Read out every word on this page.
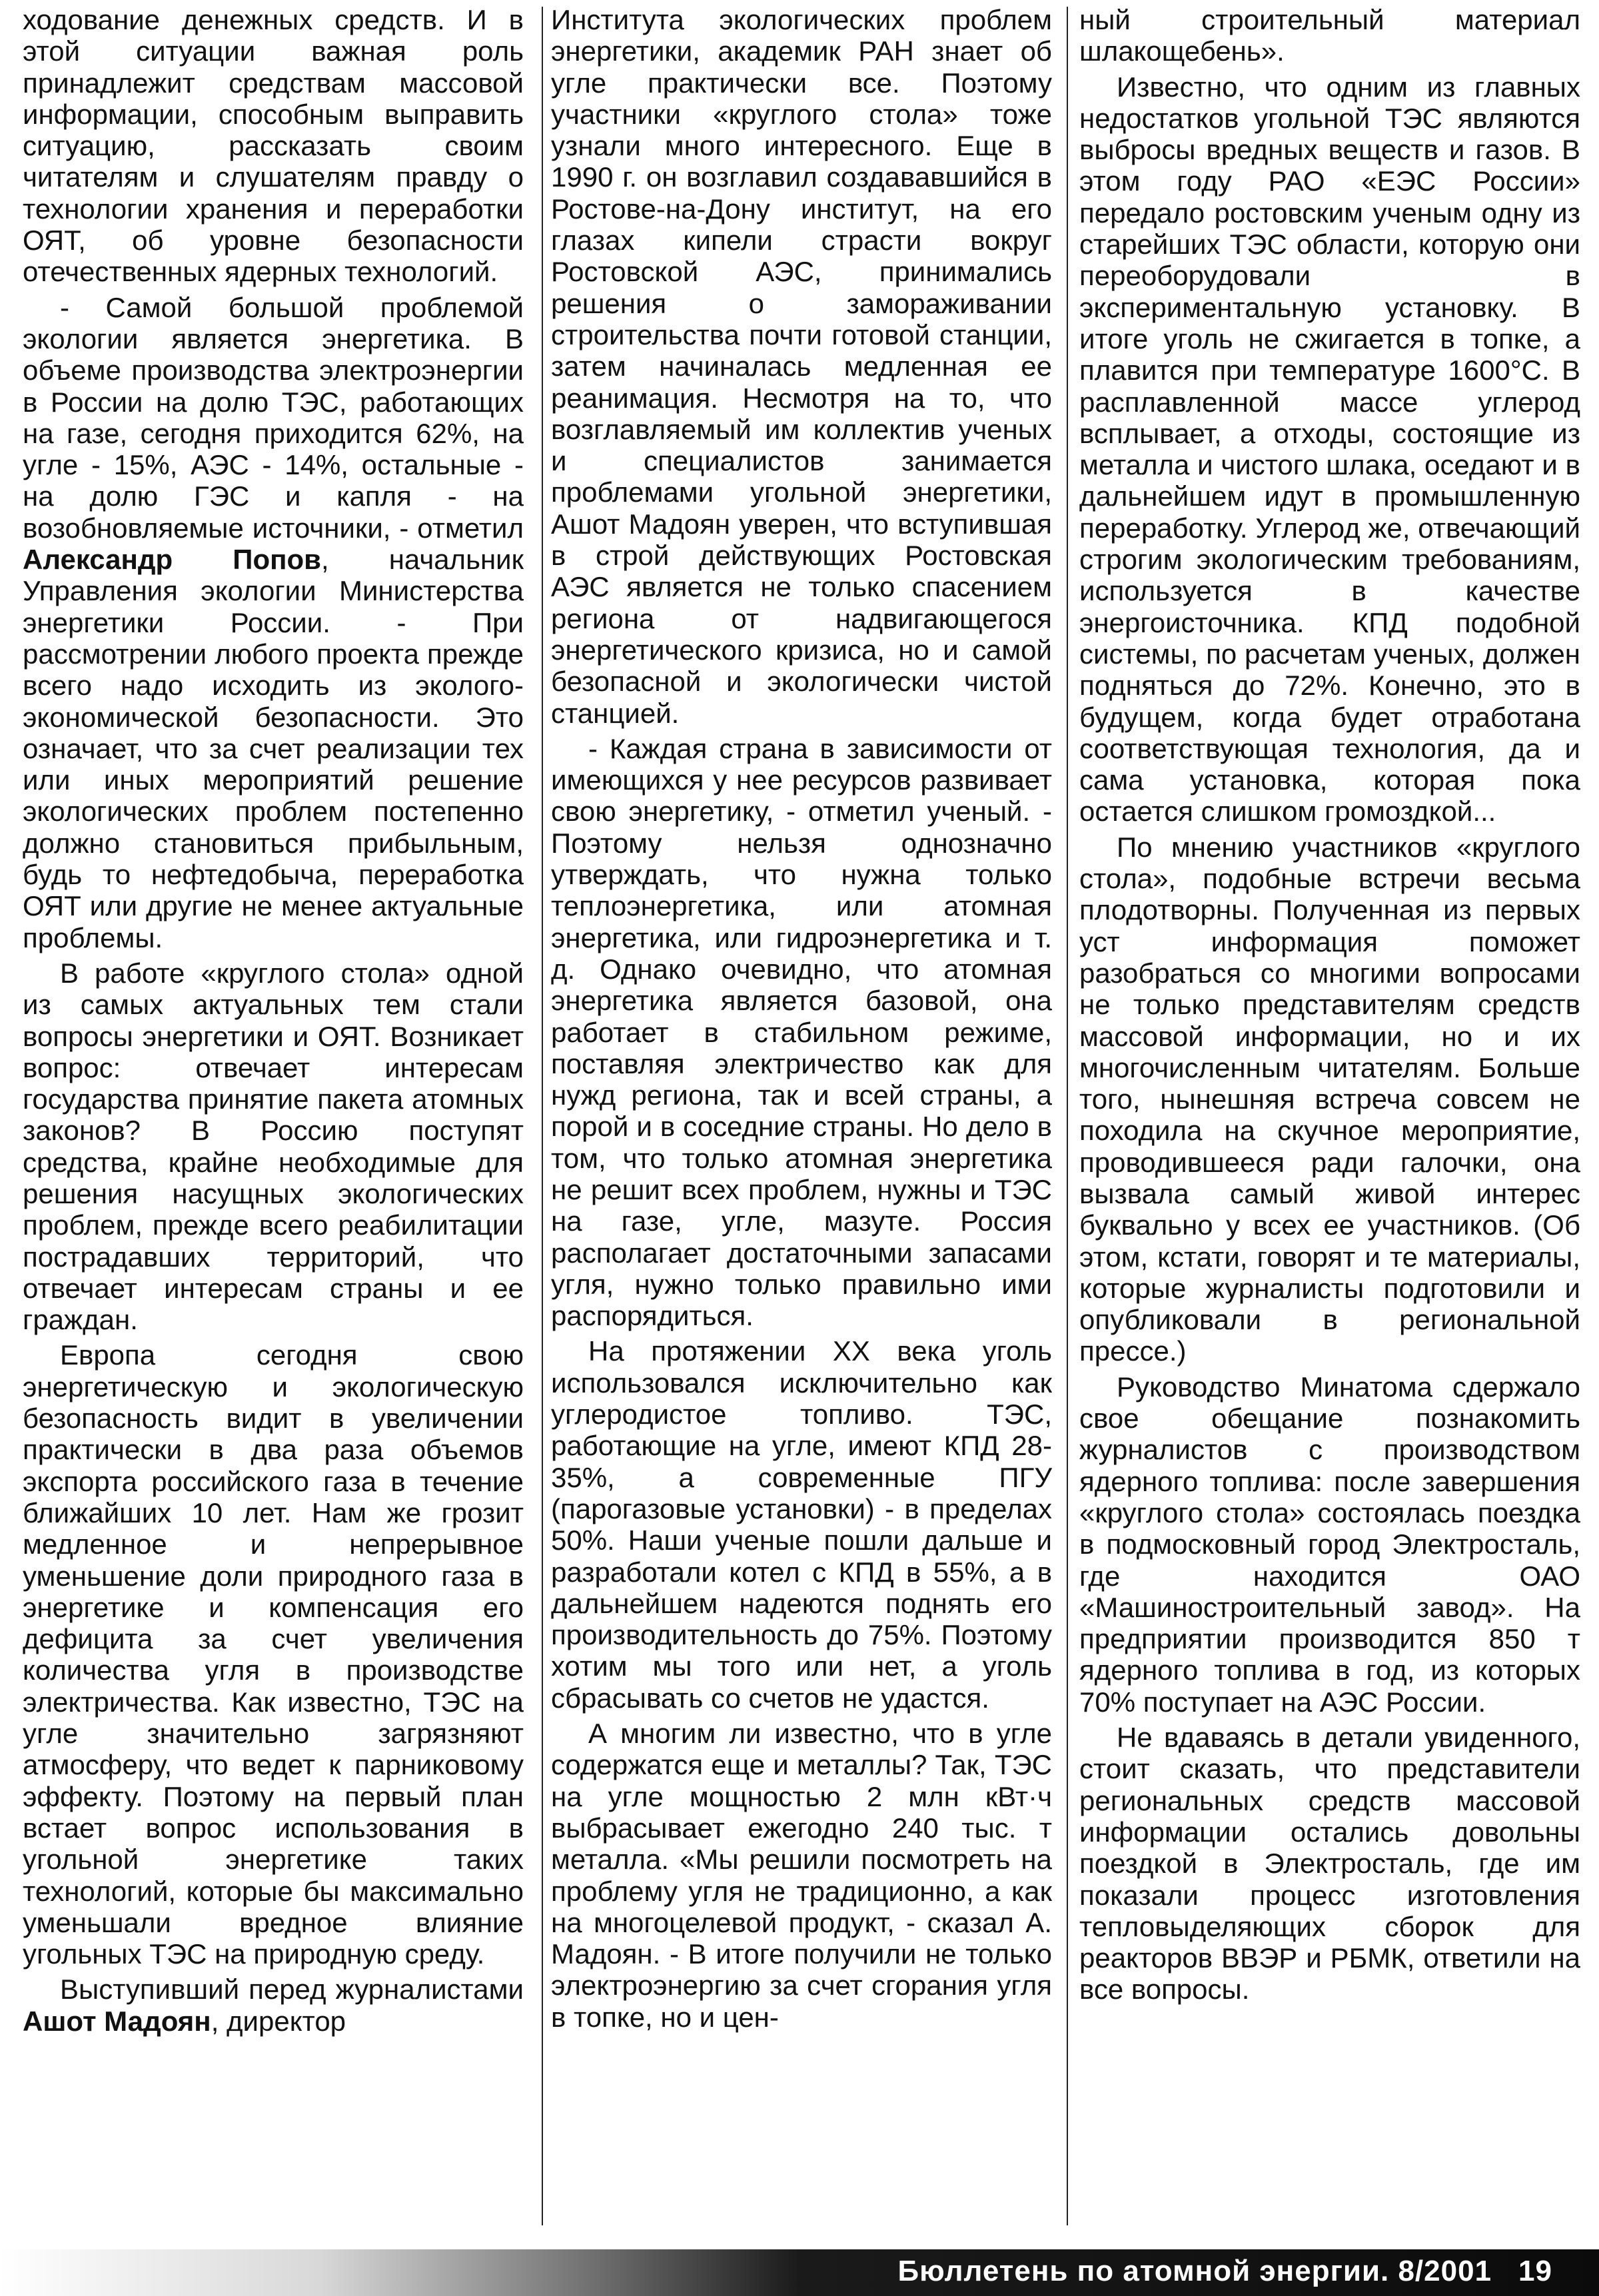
ходование денежных средств. И в этой ситуации важная роль принадлежит средствам массовой информации, способным выправить ситуацию, рассказать своим читателям и слушателям правду о технологии хранения и переработки ОЯТ, об уровне безопасности отечественных ядерных технологий.

- Самой большой проблемой экологии является энергетика. В объеме производства электроэнергии в России на долю ТЭС, работающих на газе, сегодня приходится 62%, на угле - 15%, АЭС - 14%, остальные - на долю ГЭС и капля - на возобновляемые источники, - отметил Александр Попов, начальник Управления экологии Министерства энергетики России. - При рассмотрении любого проекта прежде всего надо исходить из эколого-экономической безопасности. Это означает, что за счет реализации тех или иных мероприятий решение экологических проблем постепенно должно становиться прибыльным, будь то нефтедобыча, переработка ОЯТ или другие не менее актуальные проблемы.

В работе «круглого стола» одной из самых актуальных тем стали вопросы энергетики и ОЯТ. Возникает вопрос: отвечает интересам государства принятие пакета атомных законов? В Россию поступят средства, крайне необходимые для решения насущных экологических проблем, прежде всего реабилитации пострадавших территорий, что отвечает интересам страны и ее граждан.

Европа сегодня свою энергетическую и экологическую безопасность видит в увеличении практически в два раза объемов экспорта российского газа в течение ближайших 10 лет. Нам же грозит медленное и непрерывное уменьшение доли природного газа в энергетике и компенсация его дефицита за счет увеличения количества угля в производстве электричества. Как известно, ТЭС на угле значительно загрязняют атмосферу, что ведет к парниковому эффекту. Поэтому на первый план встает вопрос использования в угольной энергетике таких технологий, которые бы максимально уменьшали вредное влияние угольных ТЭС на природную среду.

Выступивший перед журналистами Ашот Мадоян, директор

Института экологических проблем энергетики, академик РАН знает об угле практически все. Поэтому участники «круглого стола» тоже узнали много интересного. Еще в 1990 г. он возглавил создававшийся в Ростове-на-Дону институт, на его глазах кипели страсти вокруг Ростовской АЭС, принимались решения о замораживании строительства почти готовой станции, затем начиналась медленная ее реанимация. Несмотря на то, что возглавляемый им коллектив ученых и специалистов занимается проблемами угольной энергетики, Ашот Мадоян уверен, что вступившая в строй действующих Ростовская АЭС является не только спасением региона от надвигающегося энергетического кризиса, но и самой безопасной и экологически чистой станцией.

- Каждая страна в зависимости от имеющихся у нее ресурсов развивает свою энергетику, - отметил ученый. - Поэтому нельзя однозначно утверждать, что нужна только теплоэнергетика, или атомная энергетика, или гидроэнергетика и т. д. Однако очевидно, что атомная энергетика является базовой, она работает в стабильном режиме, поставляя электричество как для нужд региона, так и всей страны, а порой и в соседние страны. Но дело в том, что только атомная энергетика не решит всех проблем, нужны и ТЭС на газе, угле, мазуте. Россия располагает достаточными запасами угля, нужно только правильно ими распорядиться.

На протяжении XX века уголь использовался исключительно как углеродистое топливо. ТЭС, работающие на угле, имеют КПД 28-35%, а современные ПГУ (парогазовые установки) - в пределах 50%. Наши ученые пошли дальше и разработали котел с КПД в 55%, а в дальнейшем надеются поднять его производительность до 75%. Поэтому хотим мы того или нет, а уголь сбрасывать со счетов не удастся.

А многим ли известно, что в угле содержатся еще и металлы? Так, ТЭС на угле мощностью 2 млн кВт·ч выбрасывает ежегодно 240 тыс. т металла. «Мы решили посмотреть на проблему угля не традиционно, а как на многоцелевой продукт, - сказал А. Мадоян. - В итоге получили не только электроэнергию за счет сгорания угля в топке, но и цен-

ный строительный материал шлакощебень».

Известно, что одним из главных недостатков угольной ТЭС являются выбросы вредных веществ и газов. В этом году РАО «ЕЭС России» передало ростовским ученым одну из старейших ТЭС области, которую они переоборудовали в экспериментальную установку. В итоге уголь не сжигается в топке, а плавится при температуре 1600°С. В расплавленной массе углерод всплывает, а отходы, состоящие из металла и чистого шлака, оседают и в дальнейшем идут в промышленную переработку. Углерод же, отвечающий строгим экологическим требованиям, используется в качестве энергоисточника. КПД подобной системы, по расчетам ученых, должен подняться до 72%. Конечно, это в будущем, когда будет отработана соответствующая технология, да и сама установка, которая пока остается слишком громоздкой...

По мнению участников «круглого стола», подобные встречи весьма плодотворны. Полученная из первых уст информация поможет разобраться со многими вопросами не только представителям средств массовой информации, но и их многочисленным читателям. Больше того, нынешняя встреча совсем не походила на скучное мероприятие, проводившееся ради галочки, она вызвала самый живой интерес буквально у всех ее участников. (Об этом, кстати, говорят и те материалы, которые журналисты подготовили и опубликовали в региональной прессе.)

Руководство Минатома сдержало свое обещание познакомить журналистов с производством ядерного топлива: после завершения «круглого стола» состоялась поездка в подмосковный город Электросталь, где находится ОАО «Машиностроительный завод». На предприятии производится 850 т ядерного топлива в год, из которых 70% поступает на АЭС России.

Не вдаваясь в детали увиденного, стоит сказать, что представители региональных средств массовой информации остались довольны поездкой в Электросталь, где им показали процесс изготовления тепловыделяющих сборок для реакторов ВВЭР и РБМК, ответили на все вопросы.

Бюллетень по атомной энергии. 8/2001 19
